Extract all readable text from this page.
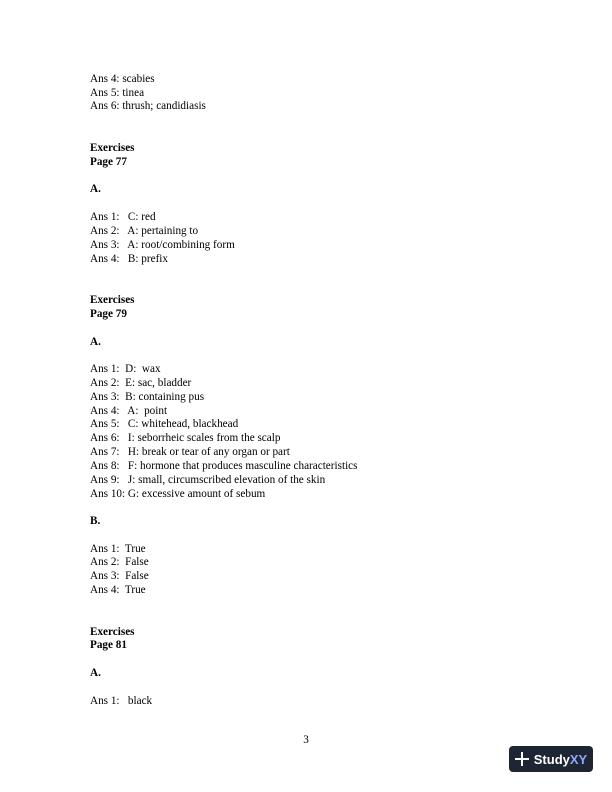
Ans 4: scabies
Ans 5: tinea
Ans 6: thrush; candidiasis
Exercises
Page 77
A.
Ans 1:   C: red
Ans 2:   A: pertaining to
Ans 3:   A: root/combining form
Ans 4:   B: prefix
Exercises
Page 79
A.
Ans 1:  D:  wax
Ans 2:  E: sac, bladder
Ans 3:  B: containing pus
Ans 4:   A:  point
Ans 5:   C: whitehead, blackhead
Ans 6:   I: seborrheic scales from the scalp
Ans 7:   H: break or tear of any organ or part
Ans 8:   F: hormone that produces masculine characteristics
Ans 9:   J: small, circumscribed elevation of the skin
Ans 10: G: excessive amount of sebum
B.
Ans 1:  True
Ans 2:  False
Ans 3:  False
Ans 4:  True
Exercises
Page 81
A.
Ans 1:   black
3
StudyXY
